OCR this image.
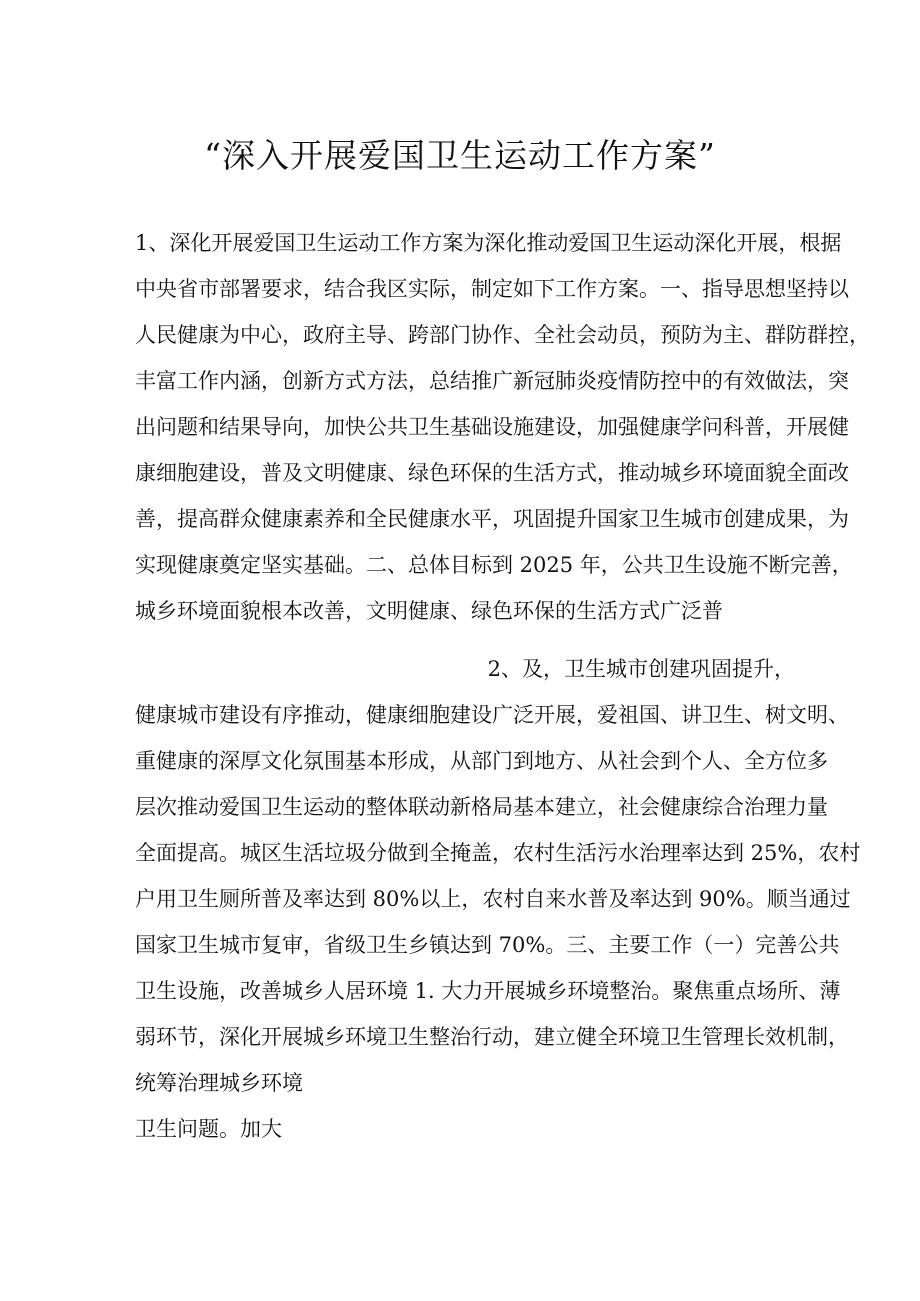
“深入开展爱国卫生运动工作方案”
1、深化开展爱国卫生运动工作方案为深化推动爱国卫生运动深化开展，根据
中央省市部署要求，结合我区实际，制定如下工作方案。一、指导思想坚持以
人民健康为中心，政府主导、跨部门协作、全社会动员，预防为主、群防群控，
丰富工作内涵，创新方式方法，总结推广新冠肺炎疫情防控中的有效做法，突
出问题和结果导向，加快公共卫生基础设施建设，加强健康学问科普，开展健
康细胞建设，普及文明健康、绿色环保的生活方式，推动城乡环境面貌全面改
善，提高群众健康素养和全民健康水平，巩固提升国家卫生城市创建成果，为
实现健康奠定坚实基础。二、总体目标到 2025 年，公共卫生设施不断完善，
城乡环境面貌根本改善，文明健康、绿色环保的生活方式广泛普
2、及，卫生城市创建巩固提升，
健康城市建设有序推动，健康细胞建设广泛开展，爱祖国、讲卫生、树文明、
重健康的深厚文化氛围基本形成，从部门到地方、从社会到个人、全方位多
层次推动爱国卫生运动的整体联动新格局基本建立，社会健康综合治理力量
全面提高。城区生活垃圾分做到全掩盖，农村生活污水治理率达到 25%，农村
户用卫生厕所普及率达到 80%以上，农村自来水普及率达到 90%。顺当通过
国家卫生城市复审，省级卫生乡镇达到 70%。三、主要工作（一）完善公共
卫生设施，改善城乡人居环境 1. 大力开展城乡环境整治。聚焦重点场所、薄
弱环节，深化开展城乡环境卫生整治行动，建立健全环境卫生管理长效机制，
统筹治理城乡环境
卫生问题。加大
